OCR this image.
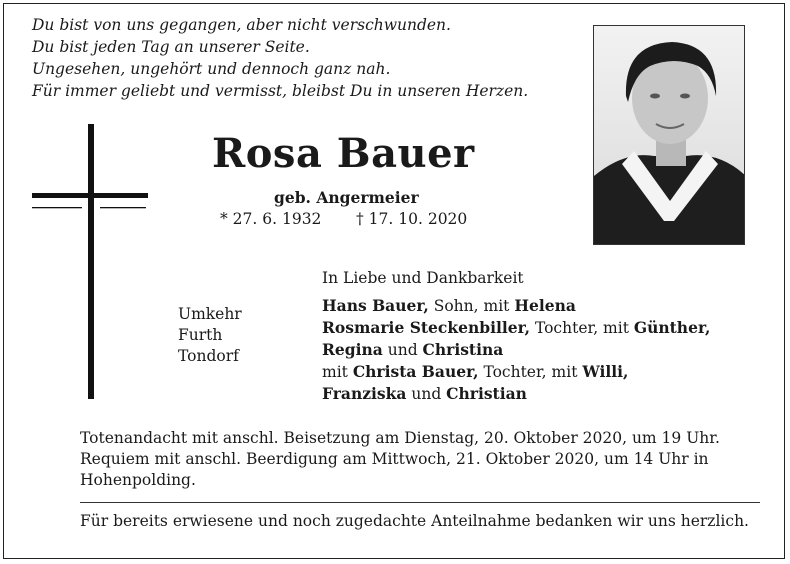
Du bist von uns gegangen, aber nicht verschwunden.
Du bist jeden Tag an unserer Seite.
Ungesehen, ungehört und dennoch ganz nah.
Für immer geliebt und vermisst, bleibst Du in unseren Herzen.
Rosa Bauer
geb. Angermeier
* 27. 6. 1932 † 17. 10. 2020
Umkehr
Furth
Tondorf
In Liebe und Dankbarkeit
Hans Bauer, Sohn, mit Helena
Rosmarie Steckenbiller, Tochter, mit Günther,
Regina und Christina
mit Christa Bauer, Tochter, mit Willi,
Franziska und Christian
Totenandacht mit anschl. Beisetzung am Dienstag, 20. Oktober 2020, um 19 Uhr.
Requiem mit anschl. Beerdigung am Mittwoch, 21. Oktober 2020, um 14 Uhr in
Hohenpolding.
Für bereits erwiesene und noch zugedachte Anteilnahme bedanken wir uns herzlich.
